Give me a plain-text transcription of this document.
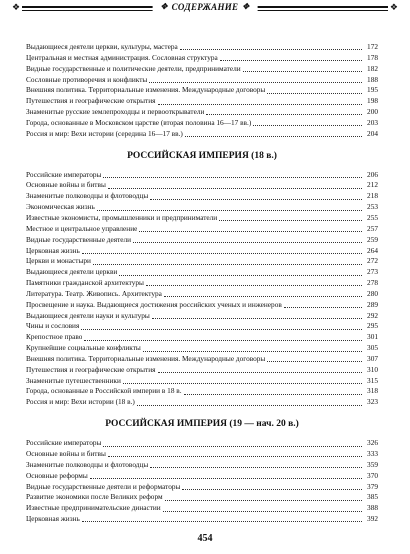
❖	❖
✥ СОДЕРЖАНИЕ ✥
Выдающиеся деятели церкви, культуры, мастера	172
Центральная и местная администрация. Сословная структура	178
Видные государственные и политические деятели, предприниматели	182
Сословные противоречия и конфликты	188
Внешняя политика. Территориальные изменения. Международные договоры	195
Путешествия и географические открытия	198
Знаменитые русские землепроходцы и первооткрыватели	200
Города, основанные в Московском царстве (вторая половина 16—17 вв.)	203
Россия и мир: Вехи истории (середина 16—17 вв.)	204
РОССИЙСКАЯ ИМПЕРИЯ (18 в.)
Российские императоры	206
Основные войны и битвы	212
Знаменитые полководцы и флотоводцы	218
Экономическая жизнь	253
Известные экономисты, промышленники и предприниматели	255
Местное и центральное управление	257
Видные государственные деятели	259
Церковная жизнь	264
Церкви и монастыри	272
Выдающиеся деятели церкви	273
Памятники гражданской архитектуры	278
Литература. Театр. Живопись. Архитектура	280
Просвещение и наука. Выдающиеся достижения российских ученых и инженеров	289
Выдающиеся деятели науки и культуры	292
Чины и сословия	295
Крепостное право	301
Крупнейшие социальные конфликты	305
Внешняя политика. Территориальные изменения. Международные договоры	307
Путешествия и географические открытия	310
Знаменитые путешественники	315
Города, основанные в Российской империи в 18 в.	318
Россия и мир: Вехи истории (18 в.)	323
РОССИЙСКАЯ ИМПЕРИЯ (19 — нач. 20 в.)
Российские императоры	326
Основные войны и битвы	333
Знаменитые полководцы и флотоводцы	359
Основные реформы	370
Видные государственные деятели и реформаторы	379
Развитие экономики после Великих реформ	385
Известные предпринимательские династии	388
Церковная жизнь	392
454
